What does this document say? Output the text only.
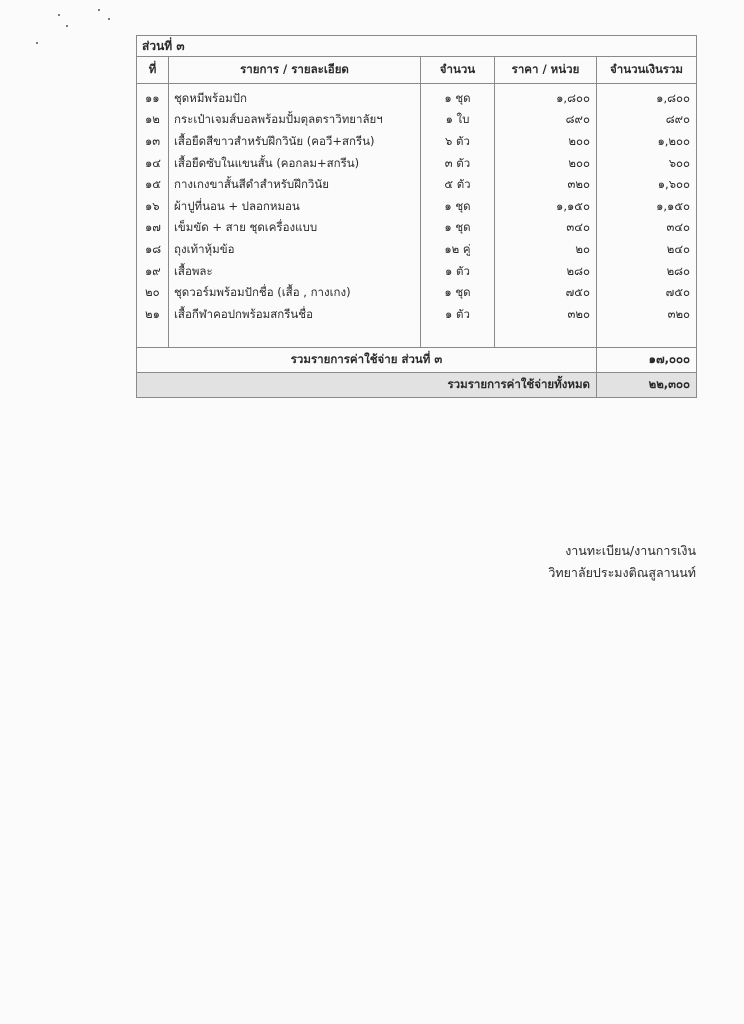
ส่วนที่ ๓				
ที่	รายการ / รายละเอียด	จำนวน	ราคา / หน่วย	จำนวนเงินรวม
๑๑	ชุดหมีพร้อมปัก	๑ ชุด	๑,๘๐๐	๑,๘๐๐
๑๒	กระเป๋าเจมส์บอลพร้อมปั้มตุลตราวิทยาลัยฯ	๑ ใบ	๘๙๐	๘๙๐
๑๓	เสื้อยืดสีขาวสำหรับฝึกวินัย (คอวี+สกรีน)	๖ ตัว	๒๐๐	๑,๒๐๐
๑๔	เสื้อยืดซับในแขนสั้น (คอกลม+สกรีน)	๓ ตัว	๒๐๐	๖๐๐
๑๕	กางเกงขาสั้นสีดำสำหรับฝึกวินัย	๕ ตัว	๓๒๐	๑,๖๐๐
๑๖	ผ้าปูที่นอน + ปลอกหมอน	๑ ชุด	๑,๑๕๐	๑,๑๕๐
๑๗	เข็มขัด + สาย ชุดเครื่องแบบ	๑ ชุด	๓๔๐	๓๔๐
๑๘	ถุงเท้าหุ้มข้อ	๑๒ คู่	๒๐	๒๔๐
๑๙	เสื้อพละ	๑ ตัว	๒๘๐	๒๘๐
๒๐	ชุดวอร์มพร้อมปักชื่อ (เสื้อ , กางเกง)	๑ ชุด	๗๕๐	๗๕๐
๒๑	เสื้อกีฬาคอปกพร้อมสกรีนชื่อ	๑ ตัว	๓๒๐	๓๒๐

รวมรายการค่าใช้จ่าย ส่วนที่ ๓				๑๗,๐๐๐
รวมรายการค่าใช้จ่ายทั้งหมด				๒๒,๓๐๐
งานทะเบียน/งานการเงิน
วิทยาลัยประมงติณสูลานนท์
